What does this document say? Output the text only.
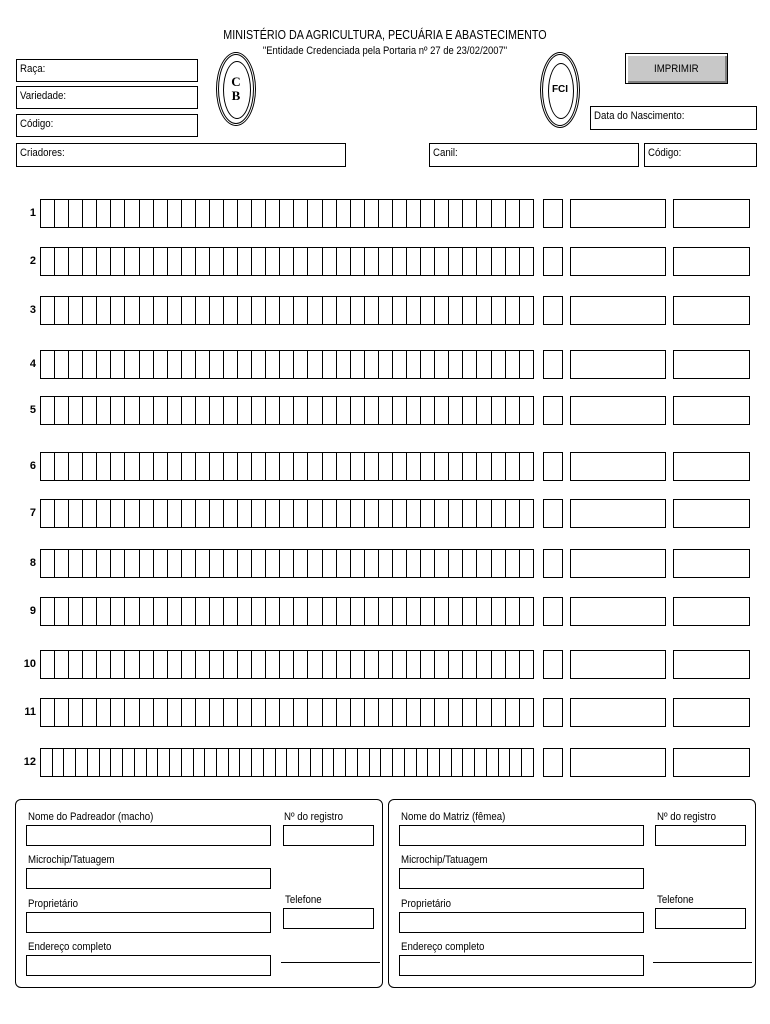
MINISTÉRIO DA AGRICULTURA, PECUÁRIA E ABASTECIMENTO
"Entidade Credenciada pela Portaria nº 27 de 23/02/2007"
Raça:
Variedade:
Código:
Criadores:	Canil:	Código:
Data do Nascimento:
C
B	FCI
IMPRIMIR
1
2
3
4
5
6
7
8
9
10
11
12
Nome do Padreador (macho)	Nº do registro
Microchip/Tatuagem
Proprietário	Telefone
Endereço completo
Nome do Matriz (fêmea)	Nº do registro
Microchip/Tatuagem
Proprietário	Telefone
Endereço completo
